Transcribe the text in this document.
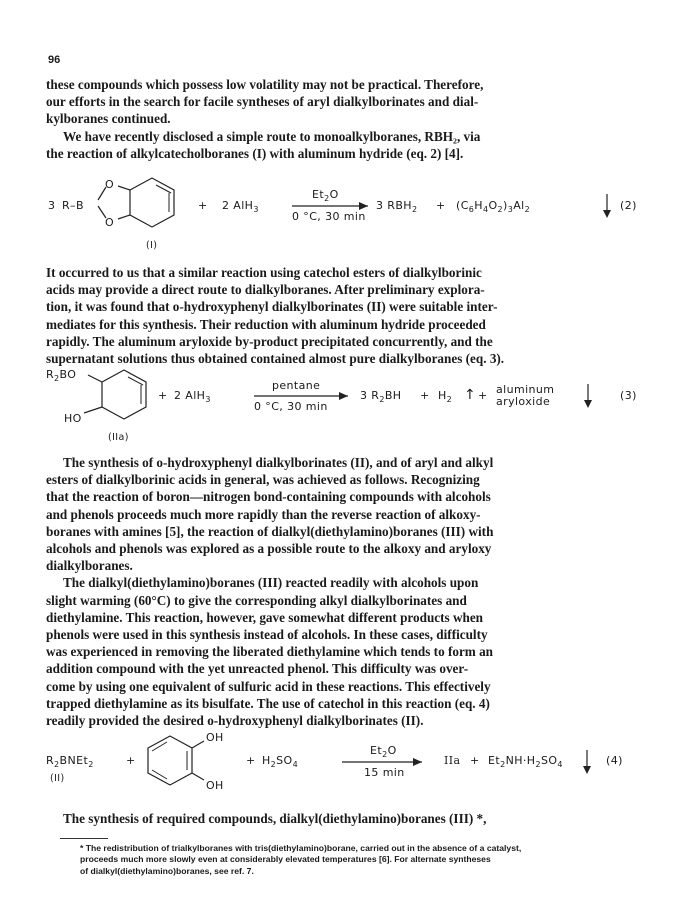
96
these compounds which possess low volatility may not be practical. Therefore,
our efforts in the search for facile syntheses of aryl dialkylborinates and dial-
kylboranes continued.
We have recently disclosed a simple route to monoalkylboranes, RBH₂, via
the reaction of alkylcatecholboranes (I) with aluminum hydride (eq. 2) [4].
3 R–B
O
O
+ 2 AlH$_3$
$Et_2O$
0 °C, 30 min
3 $RBH_2 + (C_6H_4O_2)_3Al_2$	(2)
(I)
It occurred to us that a similar reaction using catechol esters of dialkylborinic
acids may provide a direct route to dialkylboranes. After preliminary explora-
tion, it was found that o-hydroxyphenyl dialkylborinates (II) were suitable inter-
mediates for this synthesis. Their reduction with aluminum hydride proceeded
rapidly. The aluminum aryloxide by-product precipitated concurrently, and the
supernatant solutions thus obtained contained almost pure dialkylboranes (eq. 3).
$R_2BO$
HO
+ 2 AlH$_3$
pentane
0 °C, 30 min
3 $R_2BH + H_2$ ↑ + aluminum
aryloxide	(3)
(IIa)
The synthesis of o-hydroxyphenyl dialkylborinates (II), and of aryl and alkyl
esters of dialkylborinic acids in general, was achieved as follows. Recognizing
that the reaction of boron—nitrogen bond-containing compounds with alcohols
and phenols proceeds much more rapidly than the reverse reaction of alkoxy-
boranes with amines [5], the reaction of dialkyl(diethylamino)boranes (III) with
alcohols and phenols was explored as a possible route to the alkoxy and aryloxy
dialkylboranes.
The dialkyl(diethylamino)boranes (III) reacted readily with alcohols upon
slight warming (60°C) to give the corresponding alkyl dialkylborinates and
diethylamine. This reaction, however, gave somewhat different products when
phenols were used in this synthesis instead of alcohols. In these cases, difficulty
was experienced in removing the liberated diethylamine which tends to form an
addition compound with the yet unreacted phenol. This difficulty was over-
come by using one equivalent of sulfuric acid in these reactions. This effectively
trapped diethylamine as its bisulfate. The use of catechol in this reaction (eq. 4)
readily provided the desired o-hydroxyphenyl dialkylborinates (II).
$R_2BNEt_2$
(II)
+
OH
OH
+ $H_2SO_4$
$Et_2O$
15 min
IIa + $Et_2NH\cdot H_2SO_4$	(4)
The synthesis of required compounds, dialkyl(diethylamino)boranes (III) *,
* The redistribution of trialkylboranes with tris(diethylamino)borane, carried out in the absence of a catalyst,
proceeds much more slowly even at considerably elevated temperatures [6]. For alternate syntheses
of dialkyl(diethylamino)boranes, see ref. 7.
